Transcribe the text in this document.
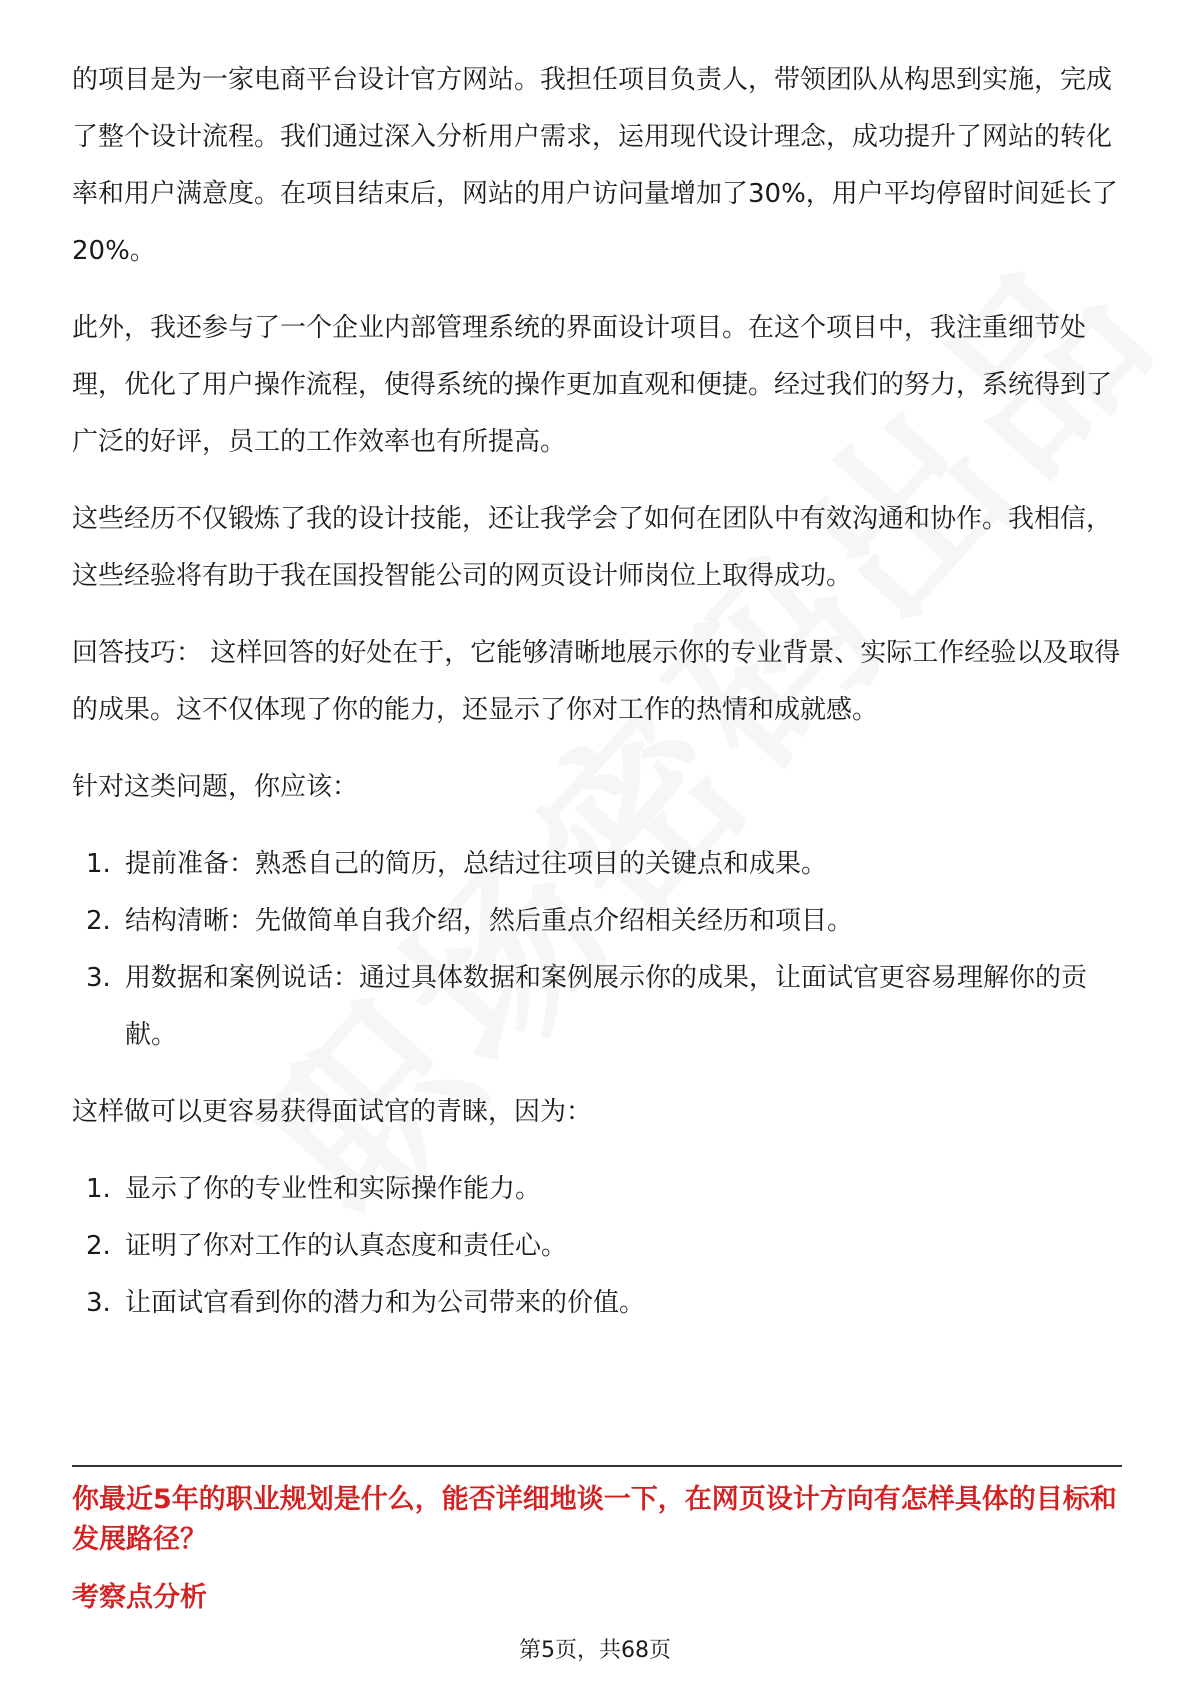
的项目是为一家电商平台设计官方网站。我担任项目负责人，带领团队从构思到实施，完成了整个设计流程。我们通过深入分析用户需求，运用现代设计理念，成功提升了网站的转化率和用户满意度。在项目结束后，网站的用户访问量增加了30%，用户平均停留时间延长了20%。

此外，我还参与了一个企业内部管理系统的界面设计项目。在这个项目中，我注重细节处理，优化了用户操作流程，使得系统的操作更加直观和便捷。经过我们的努力，系统得到了广泛的好评，员工的工作效率也有所提高。

这些经历不仅锻炼了我的设计技能，还让我学会了如何在团队中有效沟通和协作。我相信，这些经验将有助于我在国投智能公司的网页设计师岗位上取得成功。

回答技巧： 这样回答的好处在于，它能够清晰地展示你的专业背景、实际工作经验以及取得的成果。这不仅体现了你的能力，还显示了你对工作的热情和成就感。

针对这类问题，你应该：

1. 提前准备：熟悉自己的简历，总结过往项目的关键点和成果。
2. 结构清晰：先做简单自我介绍，然后重点介绍相关经历和项目。
3. 用数据和案例说话：通过具体数据和案例展示你的成果，让面试官更容易理解你的贡献。

这样做可以更容易获得面试官的青睐，因为：

1. 显示了你的专业性和实际操作能力。
2. 证明了你对工作的认真态度和责任心。
3. 让面试官看到你的潜力和为公司带来的价值。
你最近5年的职业规划是什么，能否详细地谈一下，在网页设计方向有怎样具体的目标和发展路径？
考察点分析
第5页，共68页
